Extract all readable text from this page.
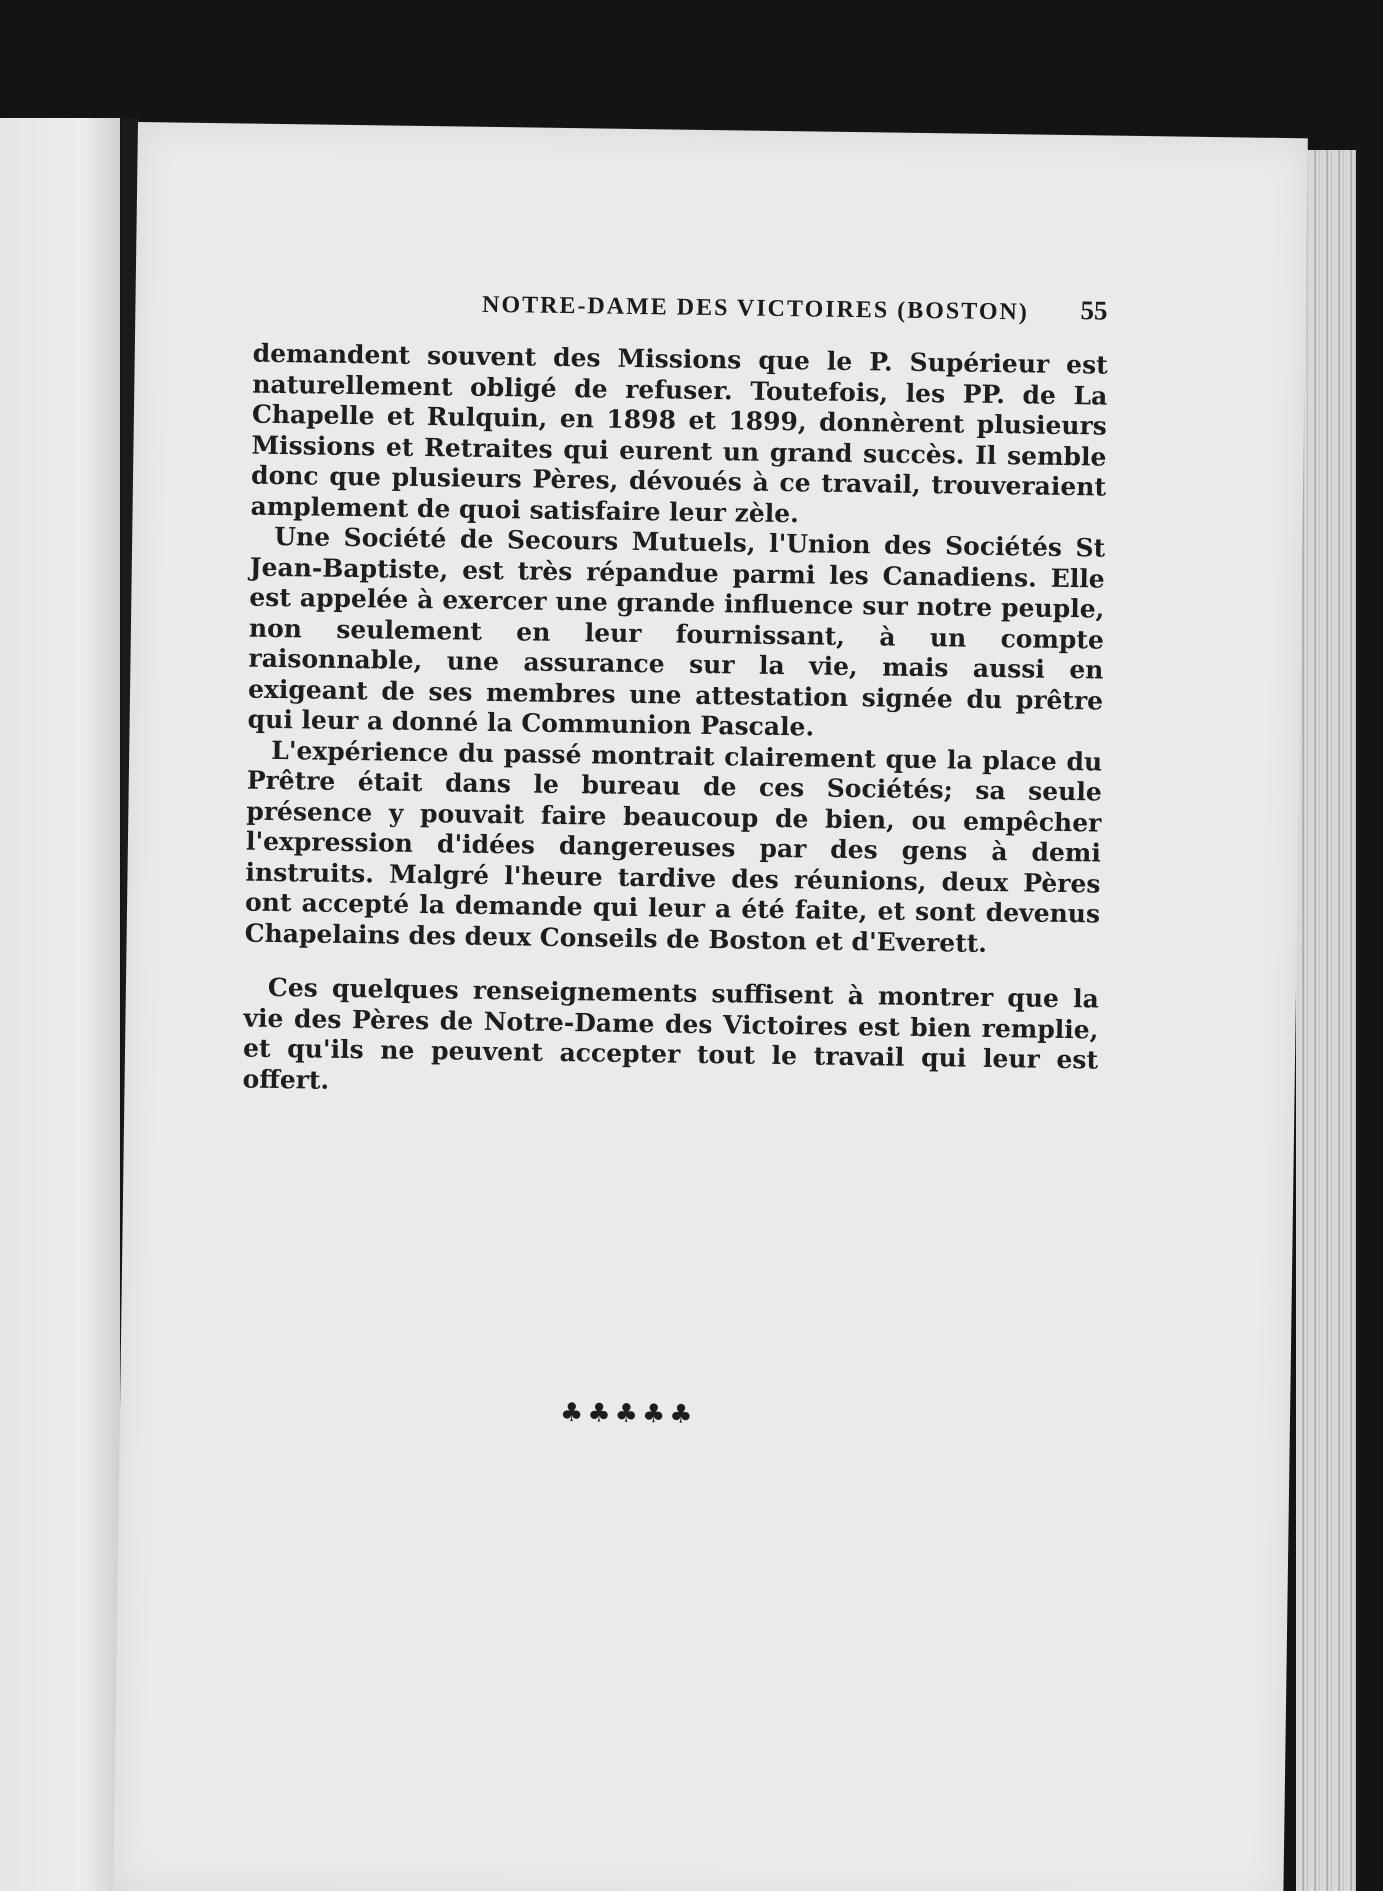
NOTRE-DAME DES VICTOIRES (BOSTON)	55

demandent souvent des Missions que le P. Supérieur est naturellement obligé de refuser. Toutefois, les PP. de La Chapelle et Rulquin, en 1898 et 1899, donnèrent plusieurs Missions et Retraites qui eurent un grand succès. Il semble donc que plusieurs Pères, dévoués à ce travail, trouveraient amplement de quoi satisfaire leur zèle.

Une Société de Secours Mutuels, l'Union des Sociétés St Jean-Baptiste, est très répandue parmi les Canadiens. Elle est appelée à exercer une grande influence sur notre peuple, non seulement en leur fournissant, à un compte raisonnable, une assurance sur la vie, mais aussi en exigeant de ses membres une attestation signée du prêtre qui leur a donné la Communion Pascale.

L'expérience du passé montrait clairement que la place du Prêtre était dans le bureau de ces Sociétés; sa seule présence y pouvait faire beaucoup de bien, ou empêcher l'expression d'idées dangereuses par des gens à demi instruits. Malgré l'heure tardive des réunions, deux Pères ont accepté la demande qui leur a été faite, et sont devenus Chapelains des deux Conseils de Boston et d'Everett.

Ces quelques renseignements suffisent à montrer que la vie des Pères de Notre-Dame des Victoires est bien remplie, et qu'ils ne peuvent accepter tout le travail qui leur est offert.

♣♣♣♣♣
